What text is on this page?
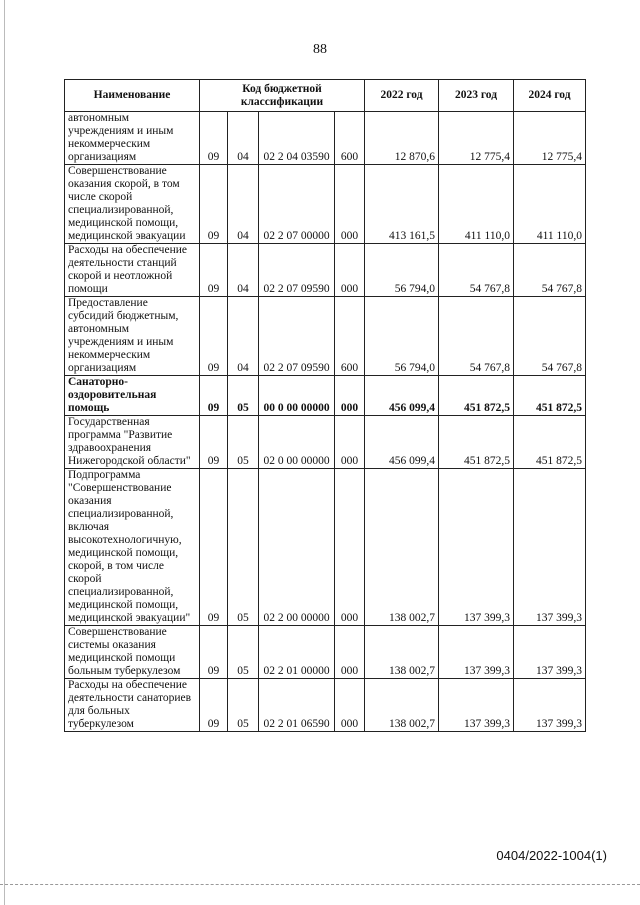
88
Наименование	Код бюджетной классификации				2022 год	2023 год	2024 год
автономным учреждениям и иным некоммерческим организациям	09	04	02 2 04 03590	600	12 870,6	12 775,4	12 775,4
Совершенствование оказания скорой, в том числе скорой специализированной, медицинской помощи, медицинской эвакуации	09	04	02 2 07 00000	000	413 161,5	411 110,0	411 110,0
Расходы на обеспечение деятельности станций скорой и неотложной помощи	09	04	02 2 07 09590	000	56 794,0	54 767,8	54 767,8
Предоставление субсидий бюджетным, автономным учреждениям и иным некоммерческим организациям	09	04	02 2 07 09590	600	56 794,0	54 767,8	54 767,8
Санаторно-оздоровительная помощь	09	05	00 0 00 00000	000	456 099,4	451 872,5	451 872,5
Государственная программа "Развитие здравоохранения Нижегородской области"	09	05	02 0 00 00000	000	456 099,4	451 872,5	451 872,5
Подпрограмма "Совершенствование оказания специализированной, включая высокотехнологичную, медицинской помощи, скорой, в том числе скорой специализированной, медицинской помощи, медицинской эвакуации"	09	05	02 2 00 00000	000	138 002,7	137 399,3	137 399,3
Совершенствование системы оказания медицинской помощи больным туберкулезом	09	05	02 2 01 00000	000	138 002,7	137 399,3	137 399,3
Расходы на обеспечение деятельности санаториев для больных туберкулезом	09	05	02 2 01 06590	000	138 002,7	137 399,3	137 399,3
0404/2022-1004(1)
